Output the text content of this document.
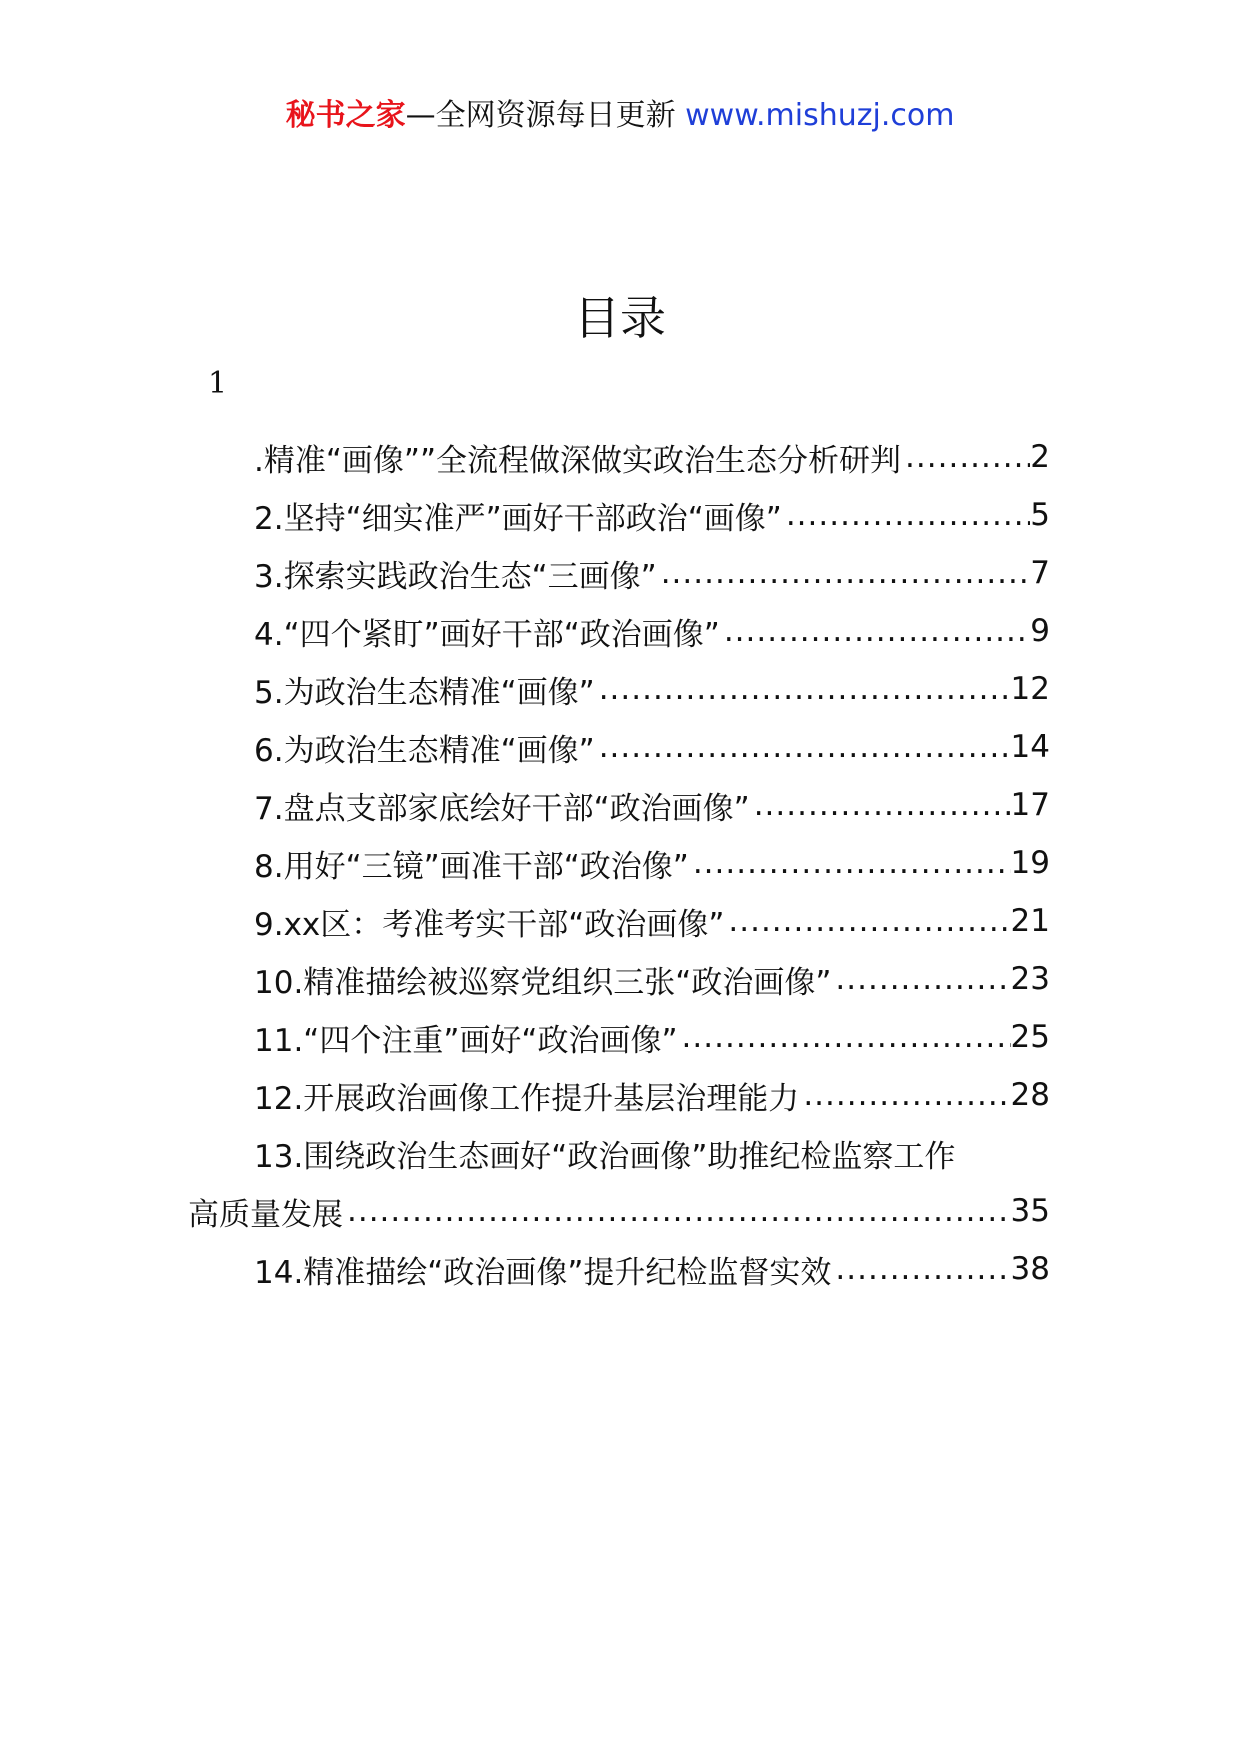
秘书之家—全网资源每日更新 www.mishuzj.com
目录
1
.精准“画像””全流程做深做实政治生态分析研判 .....	2
2.坚持“细实准严”画好干部政治“画像” .....	5
3.探索实践政治生态“三画像” .....	7
4.“四个紧盯”画好干部“政治画像” .....	9
5.为政治生态精准“画像” .....	12
6.为政治生态精准“画像” .....	14
7.盘点支部家底绘好干部“政治画像” .....	17
8.用好“三镜”画准干部“政治像” .....	19
9.xx区：考准考实干部“政治画像” .....	21
10.精准描绘被巡察党组织三张“政治画像” .....	23
11.“四个注重”画好“政治画像” .....	25
12.开展政治画像工作提升基层治理能力 .....	28
13.围绕政治生态画好“政治画像”助推纪检监察工作
高质量发展 .....	35
14.精准描绘“政治画像”提升纪检监督实效 .....	38
